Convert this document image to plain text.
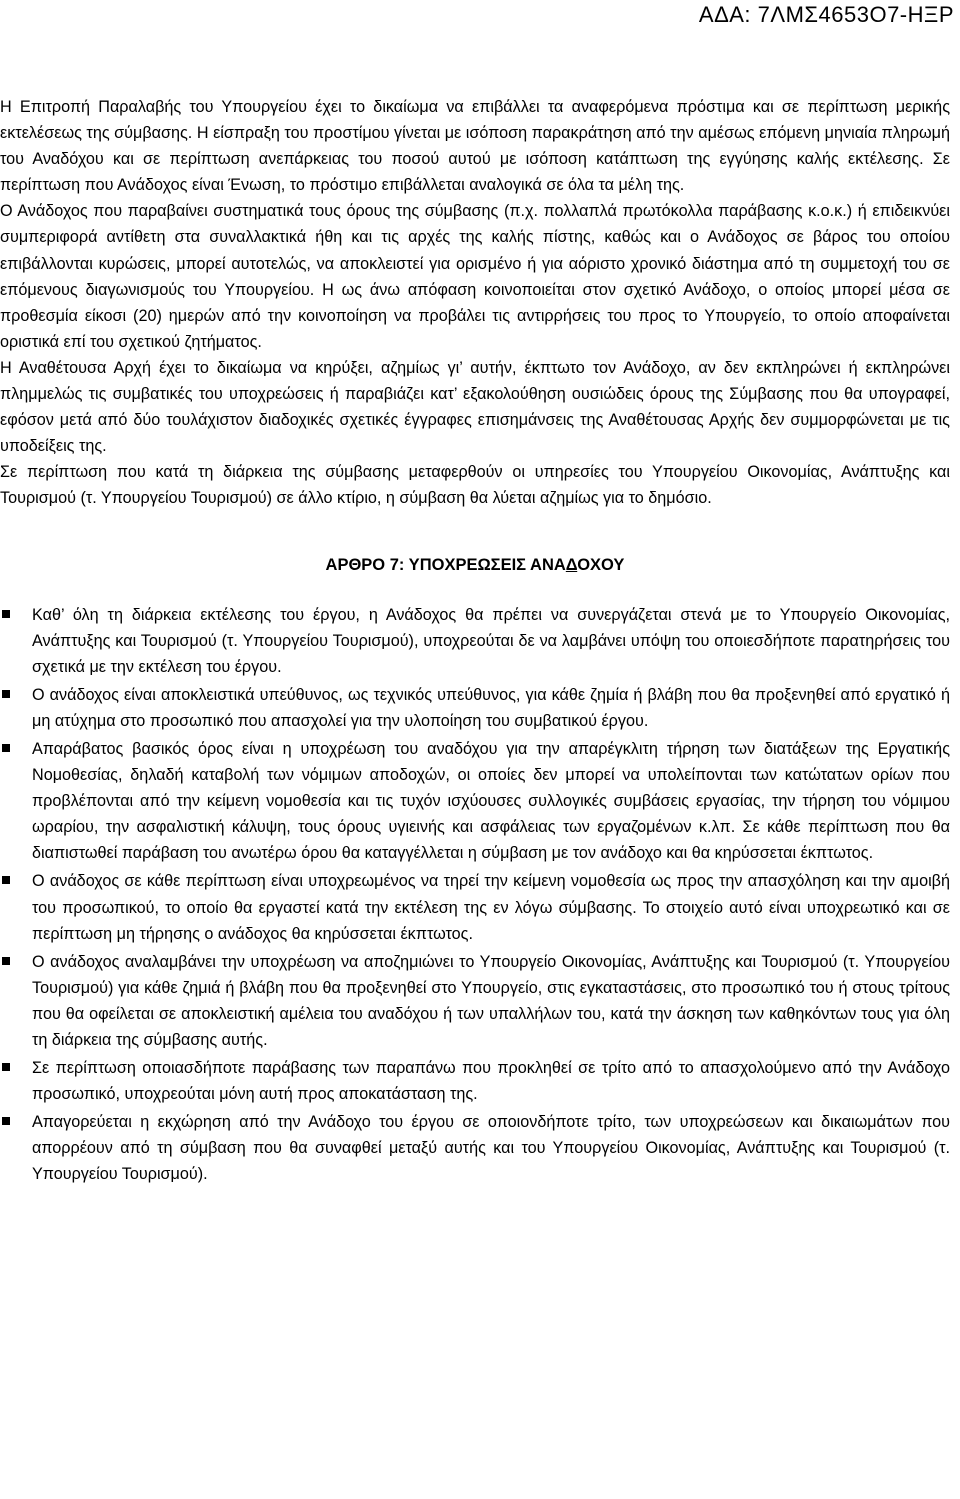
ΑΔΑ: 7ΛΜΣ4653Ο7-ΗΞΡ

Η Επιτροπή Παραλαβής του Υπουργείου έχει το δικαίωμα να επιβάλλει τα αναφερόμενα πρόστιμα και σε περίπτωση μερικής εκτελέσεως της σύμβασης. Η είσπραξη του προστίμου γίνεται με ισόποση παρακράτηση από την αμέσως επόμενη μηνιαία πληρωμή του Αναδόχου και σε περίπτωση ανεπάρκειας του ποσού αυτού με ισόποση κατάπτωση της εγγύησης καλής εκτέλεσης. Σε περίπτωση που Ανάδοχος είναι Ένωση, το πρόστιμο επιβάλλεται αναλογικά σε όλα τα μέλη της.

Ο Ανάδοχος που παραβαίνει συστηματικά τους όρους της σύμβασης (π.χ. πολλαπλά πρωτόκολλα παράβασης κ.ο.κ.) ή επιδεικνύει συμπεριφορά αντίθετη στα συναλλακτικά ήθη και τις αρχές της καλής πίστης, καθώς και ο Ανάδοχος σε βάρος του οποίου επιβάλλονται κυρώσεις, μπορεί αυτοτελώς, να αποκλειστεί για ορισμένο ή για αόριστο χρονικό διάστημα από τη συμμετοχή του σε επόμενους διαγωνισμούς του Υπουργείου. Η ως άνω απόφαση κοινοποιείται στον σχετικό Ανάδοχο, ο οποίος μπορεί μέσα σε προθεσμία είκοσι (20) ημερών από την κοινοποίηση να προβάλει τις αντιρρήσεις του προς το Υπουργείο, το οποίο αποφαίνεται οριστικά επί του σχετικού ζητήματος.

Η Αναθέτουσα Αρχή έχει το δικαίωμα να κηρύξει, αζημίως γι’ αυτήν, έκπτωτο τον Ανάδοχο, αν δεν εκπληρώνει ή εκπληρώνει πλημμελώς τις συμβατικές του υποχρεώσεις ή παραβιάζει κατ’ εξακολούθηση ουσιώδεις όρους της Σύμβασης που θα υπογραφεί, εφόσον μετά από δύο τουλάχιστον διαδοχικές σχετικές έγγραφες επισημάνσεις της Αναθέτουσας Αρχής δεν συμμορφώνεται με τις υποδείξεις της.

Σε περίπτωση που κατά τη διάρκεια της σύμβασης μεταφερθούν οι υπηρεσίες του Υπουργείου Οικονομίας, Ανάπτυξης και Τουρισμού (τ. Υπουργείου Τουρισμού) σε άλλο κτίριο, η σύμβαση θα λύεται αζημίως για το δημόσιο.

ΑΡΘΡΟ 7: ΥΠΟΧΡΕΩΣΕΙΣ ΑΝΑΔΟΧΟΥ
Καθ’ όλη τη διάρκεια εκτέλεσης του έργου, η Ανάδοχος θα πρέπει να συνεργάζεται στενά με το Υπουργείο Οικονομίας, Ανάπτυξης και Τουρισμού (τ. Υπουργείου Τουρισμού), υποχρεούται δε να λαμβάνει υπόψη του οποιεσδήποτε παρατηρήσεις του σχετικά με την εκτέλεση του έργου.
Ο ανάδοχος είναι αποκλειστικά υπεύθυνος, ως τεχνικός υπεύθυνος, για κάθε ζημία ή βλάβη που θα προξενηθεί από εργατικό ή μη ατύχημα στο προσωπικό που απασχολεί για την υλοποίηση του συμβατικού έργου.
Απαράβατος βασικός όρος είναι η υποχρέωση του αναδόχου για την απαρέγκλιτη τήρηση των διατάξεων της Εργατικής Νομοθεσίας, δηλαδή καταβολή των νόμιμων αποδοχών, οι οποίες δεν μπορεί να υπολείπονται των κατώτατων ορίων που προβλέπονται από την κείμενη νομοθεσία και τις τυχόν ισχύουσες συλλογικές συμβάσεις εργασίας, την τήρηση του νόμιμου ωραρίου, την ασφαλιστική κάλυψη, τους όρους υγιεινής και ασφάλειας των εργαζομένων κ.λπ. Σε κάθε περίπτωση που θα διαπιστωθεί παράβαση του ανωτέρω όρου θα καταγγέλλεται η σύμβαση με τον ανάδοχο και θα κηρύσσεται έκπτωτος.
Ο ανάδοχος σε κάθε περίπτωση είναι υποχρεωμένος να τηρεί την κείμενη νομοθεσία ως προς την απασχόληση και την αμοιβή του προσωπικού, το οποίο θα εργαστεί κατά την εκτέλεση της εν λόγω σύμβασης. Το στοιχείο αυτό είναι υποχρεωτικό και σε περίπτωση μη τήρησης ο ανάδοχος θα κηρύσσεται έκπτωτος.
Ο ανάδοχος αναλαμβάνει την υποχρέωση να αποζημιώνει το Υπουργείο Οικονομίας, Ανάπτυξης και Τουρισμού (τ. Υπουργείου Τουρισμού) για κάθε ζημιά ή βλάβη που θα προξενηθεί στο Υπουργείο, στις εγκαταστάσεις, στο προσωπικό του ή στους τρίτους που θα οφείλεται σε αποκλειστική αμέλεια του αναδόχου ή των υπαλλήλων του, κατά την άσκηση των καθηκόντων τους για όλη τη διάρκεια της σύμβασης αυτής.
Σε περίπτωση οποιασδήποτε παράβασης των παραπάνω που προκληθεί σε τρίτο από το απασχολούμενο από την Ανάδοχο προσωπικό, υποχρεούται μόνη αυτή προς αποκατάσταση της.
Απαγορεύεται η εκχώρηση από την Ανάδοχο του έργου σε οποιονδήποτε τρίτο, των υποχρεώσεων και δικαιωμάτων που απορρέουν από τη σύμβαση που θα συναφθεί μεταξύ αυτής και του Υπουργείου Οικονομίας, Ανάπτυξης και Τουρισμού (τ. Υπουργείου Τουρισμού).
